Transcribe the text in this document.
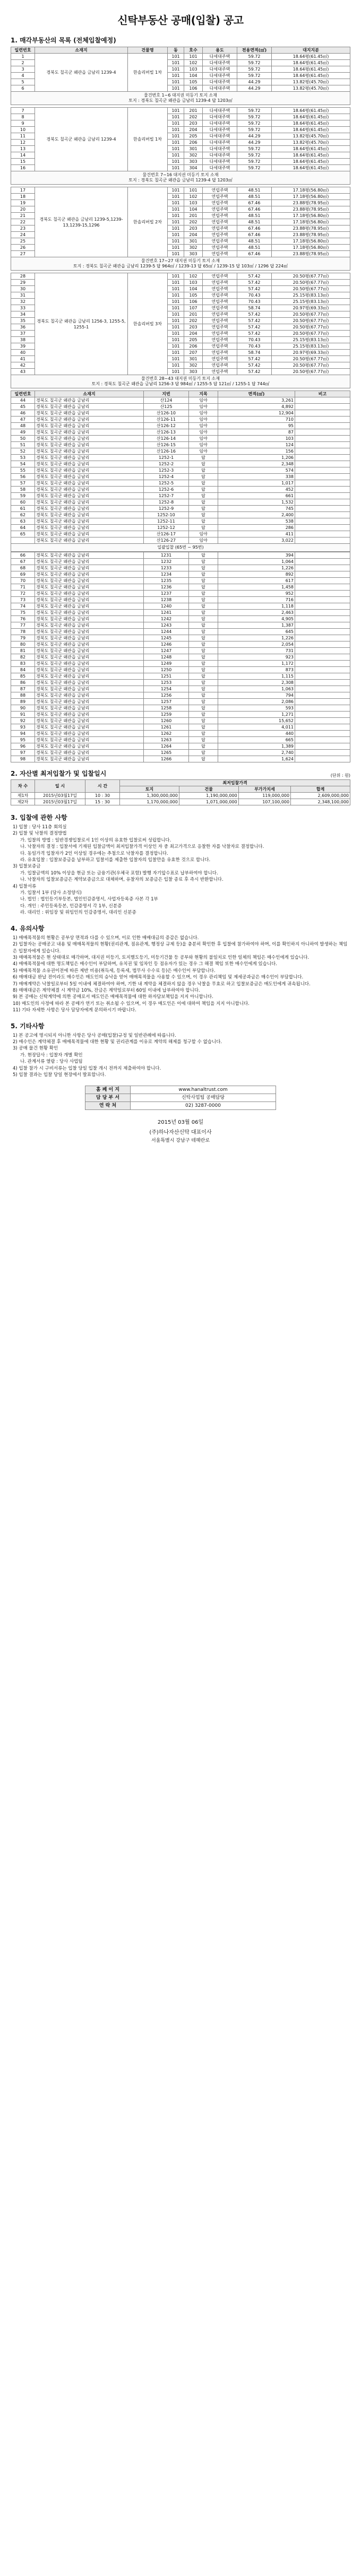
신탁부동산 공매(입찰) 공고
1. 매각부동산의 목록 (전체입찰예정)
일련번호	소재지	건물명	동	호수	용도	전용면적(㎡)	대지지분
1	경북도 칠곡군 왜관읍 금남리 1239-4	한솔리버빌 1차	101	101	다세대주택	59.72	18.64평(61.45㎡)
2			101	102	다세대주택	59.72	18.64평(61.45㎡)
3			101	103	다세대주택	59.72	18.64평(61.45㎡)
4			101	104	다세대주택	59.72	18.64평(61.45㎡)
5			101	105	다세대주택	44.29	13.82평(45.70㎡)
6			101	106	다세대주택	44.29	13.82평(45.70㎡)
물건번호 1~6 대지권 미등기 토지 소재
토지 : 경북도 칠곡군 왜관읍 금남리 1239-4 답 1203㎡
7	경북도 칠곡군 왜관읍 금남리 1239-4	한솔리버빌 1차	101	201	다세대주택	59.72	18.64평(61.45㎡)
8			101	202	다세대주택	59.72	18.64평(61.45㎡)
9			101	203	다세대주택	59.72	18.64평(61.45㎡)
10			101	204	다세대주택	59.72	18.64평(61.45㎡)
11			101	205	다세대주택	44.29	13.82평(45.70㎡)
12			101	206	다세대주택	44.29	13.82평(45.70㎡)
13			101	301	다세대주택	59.72	18.64평(61.45㎡)
14			101	302	다세대주택	59.72	18.64평(61.45㎡)
15			101	303	다세대주택	59.72	18.64평(61.45㎡)
16			101	304	다세대주택	59.72	18.64평(61.45㎡)
물건번호 7~16 대지권 미등기 토지 소재
토지 : 경북도 칠곡군 왜관읍 금남리 1239-4 답 1203㎡
17	경북도 칠곡군 왜관읍 금남리 1239-5,1239-13,1239-15,1296	한솔리버빌 2차	101	101	연립주택	48.51	17.18평(56.80㎡)
18			101	102	연립주택	48.51	17.18평(56.80㎡)
19			101	103	연립주택	67.46	23.88평(78.95㎡)
20			101	104	연립주택	67.46	23.88평(78.95㎡)
21			101	201	연립주택	48.51	17.18평(56.80㎡)
22			101	202	연립주택	48.51	17.18평(56.80㎡)
23			101	203	연립주택	67.46	23.88평(78.95㎡)
24			101	204	연립주택	67.46	23.88평(78.95㎡)
25			101	301	연립주택	48.51	17.18평(56.80㎡)
26			101	302	연립주택	48.51	17.18평(56.80㎡)
27			101	303	연립주택	67.46	23.88평(78.95㎡)
물건번호 17~27 대지권 미등기 토지 소재
토지 : 경북도 칠곡군 왜관읍 금남리 1239-5 답 964㎡ / 1239-13 답 65㎡ / 1239-15 답 103㎡ / 1296 답 224㎡
28	경북도 칠곡군 왜관읍 금남리 1256-3, 1255-5, 1255-1	한솔리버빌 3차	101	102	연립주택	57.42	20.50평(67.77㎡)
29			101	103	연립주택	57.42	20.50평(67.77㎡)
30			101	104	연립주택	57.42	20.50평(67.77㎡)
31			101	105	연립주택	70.43	25.15평(83.13㎡)
32			101	106	연립주택	70.43	25.15평(83.13㎡)
33			101	107	연립주택	58.74	20.97평(69.33㎡)
34			101	201	연립주택	57.42	20.50평(67.77㎡)
35			101	202	연립주택	57.42	20.50평(67.77㎡)
36			101	203	연립주택	57.42	20.50평(67.77㎡)
37			101	204	연립주택	57.42	20.50평(67.77㎡)
38			101	205	연립주택	70.43	25.15평(83.13㎡)
39			101	206	연립주택	70.43	25.15평(83.13㎡)
40			101	207	연립주택	58.74	20.97평(69.33㎡)
41			101	301	연립주택	57.42	20.50평(67.77㎡)
42			101	302	연립주택	57.42	20.50평(67.77㎡)
43			101	303	연립주택	57.42	20.50평(67.77㎡)
물건번호 28~43 대지권 미등기 토지 소재
토지 : 경북도 칠곡군 왜관읍 금남리 1256-3 답 984㎡ / 1255-5 답 121㎡ / 1255-1 답 744㎡
일련번호	소재지	지번	지목	면적(㎡)	비고
44	경북도 칠곡군 왜관읍 금남리	산124	임야	3,261	
45	경북도 칠곡군 왜관읍 금남리	산125	임야	4,892	
46	경북도 칠곡군 왜관읍 금남리	산126-10	임야	12,904	
47	경북도 칠곡군 왜관읍 금남리	산126-11	임야	710	
48	경북도 칠곡군 왜관읍 금남리	산126-12	임야	95	
49	경북도 칠곡군 왜관읍 금남리	산126-13	임야	87	
50	경북도 칠곡군 왜관읍 금남리	산126-14	임야	103	
51	경북도 칠곡군 왜관읍 금남리	산126-15	임야	124	
52	경북도 칠곡군 왜관읍 금남리	산126-16	임야	156	
53	경북도 칠곡군 왜관읍 금남리	1252-1	답	1,206	
54	경북도 칠곡군 왜관읍 금남리	1252-2	답	2,348	
55	경북도 칠곡군 왜관읍 금남리	1252-3	답	574	
56	경북도 칠곡군 왜관읍 금남리	1252-4	답	338	
57	경북도 칠곡군 왜관읍 금남리	1252-5	답	1,017	
58	경북도 칠곡군 왜관읍 금남리	1252-6	답	452	
59	경북도 칠곡군 왜관읍 금남리	1252-7	답	661	
60	경북도 칠곡군 왜관읍 금남리	1252-8	답	1,532	
61	경북도 칠곡군 왜관읍 금남리	1252-9	답	745	
62	경북도 칠곡군 왜관읍 금남리	1252-10	답	2,400	
63	경북도 칠곡군 왜관읍 금남리	1252-11	답	538	
64	경북도 칠곡군 왜관읍 금남리	1252-12	답	286	
65	경북도 칠곡군 왜관읍 금남리	산126-17	임야	411	
	경북도 칠곡군 왜관읍 금남리	산126-27	임야	3,022	
일괄입찰 (65번 ~ 95번)
66	경북도 칠곡군 왜관읍 금남리	1231	답	394	
67	경북도 칠곡군 왜관읍 금남리	1232	답	1,064	
68	경북도 칠곡군 왜관읍 금남리	1233	답	1,226	
69	경북도 칠곡군 왜관읍 금남리	1234	답	892	
70	경북도 칠곡군 왜관읍 금남리	1235	답	617	
71	경북도 칠곡군 왜관읍 금남리	1236	답	1,458	
72	경북도 칠곡군 왜관읍 금남리	1237	답	952	
73	경북도 칠곡군 왜관읍 금남리	1238	답	716	
74	경북도 칠곡군 왜관읍 금남리	1240	답	1,118	
75	경북도 칠곡군 왜관읍 금남리	1241	답	2,463	
76	경북도 칠곡군 왜관읍 금남리	1242	답	4,905	
77	경북도 칠곡군 왜관읍 금남리	1243	답	1,387	
78	경북도 칠곡군 왜관읍 금남리	1244	답	645	
79	경북도 칠곡군 왜관읍 금남리	1245	답	1,226	
80	경북도 칠곡군 왜관읍 금남리	1246	답	2,054	
81	경북도 칠곡군 왜관읍 금남리	1247	답	731	
82	경북도 칠곡군 왜관읍 금남리	1248	답	923	
83	경북도 칠곡군 왜관읍 금남리	1249	답	1,172	
84	경북도 칠곡군 왜관읍 금남리	1250	답	873	
85	경북도 칠곡군 왜관읍 금남리	1251	답	1,115	
86	경북도 칠곡군 왜관읍 금남리	1253	답	2,308	
87	경북도 칠곡군 왜관읍 금남리	1254	답	1,063	
88	경북도 칠곡군 왜관읍 금남리	1256	답	794	
89	경북도 칠곡군 왜관읍 금남리	1257	답	2,086	
90	경북도 칠곡군 왜관읍 금남리	1258	답	593	
91	경북도 칠곡군 왜관읍 금남리	1259	답	1,271	
92	경북도 칠곡군 왜관읍 금남리	1260	답	15,652	
93	경북도 칠곡군 왜관읍 금남리	1261	답	4,011	
94	경북도 칠곡군 왜관읍 금남리	1262	답	440	
95	경북도 칠곡군 왜관읍 금남리	1263	답	665	
96	경북도 칠곡군 왜관읍 금남리	1264	답	1,389	
97	경북도 칠곡군 왜관읍 금남리	1265	답	2,740	
98	경북도 칠곡군 왜관읍 금남리	1266	답	1,624	
2. 자산별 최저입찰가 및 입찰일시	(단위 : 원)
차 수	일 시	시 간	최저입찰가격			
			토지	건물	부가가치세	합계
제1차	2015년03월17일	10 : 30	1,300,000,000	1,190,000,000	119,000,000	2,609,000,000
제2차	2015년03월17일	15 : 30	1,170,000,000	1,071,000,000	107,100,000	2,348,100,000
3. 입찰에 관한 사항

1) 입찰 : 당사 11층 회의실

2) 입찰 및 낙찰의 결정방법

가. 입찰의 방법 : 일반경쟁입찰로서 1인 이상의 유효한 입찰로써 성립합니다.

나. 낙찰자의 결정 : 입찰서에 기재된 입찰금액이 최저입찰가격 이상인 자 중 최고가격으로 응찰한 자를 낙찰자로 결정합니다.

다. 동일가격 입찰자가 2인 이상일 경우에는 추첨으로 낙찰자를 결정합니다.

라. 유효입찰 : 입찰보증금을 납부하고 입찰서를 제출한 입찰자의 입찰만을 유효한 것으로 합니다.

3) 입찰보증금

가. 입찰금액의 10% 이상을 현금 또는 금융기관(우체국 포함) 발행 자기앞수표로 납부하여야 합니다.

나. 낙찰자의 입찰보증금은 계약보증금으로 대체하며, 유찰자의 보증금은 입찰 종료 후 즉시 반환합니다.

4) 입찰서류

가. 입찰서 1부 (당사 소정양식)

나. 법인 : 법인등기부등본, 법인인감증명서, 사업자등록증 사본 각 1부

다. 개인 : 주민등록등본, 인감증명서 각 1부, 신분증

라. 대리인 : 위임장 및 위임인의 인감증명서, 대리인 신분증

4. 유의사항

1) 매매목적물의 현황은 공부상 면적과 다를 수 있으며, 이로 인한 매매대금의 증감은 없습니다.

2) 입찰자는 공매공고 내용 및 매매목적물의 현황(권리관계, 점유관계, 행정상 규제 등)을 충분히 확인한 후 입찰에 참가하여야 하며, 이를 확인하지 아니하여 발생하는 책임은 입찰자에게 있습니다.

3) 매매목적물은 현 상태대로 매각하며, 대지권 미등기, 토지별도등기, 미등기건물 등 공부와 현황의 불일치로 인한 일체의 책임은 매수인에게 있습니다.

4) 매매목적물에 대한 명도책임은 매수인이 부담하며, 유치권 및 임차인 등 점유자가 있는 경우 그 해결 책임 또한 매수인에게 있습니다.

5) 매매목적물 소유권이전에 따른 제반 비용(취득세, 등록세, 법무사 수수료 등)은 매수인이 부담합니다.

6) 매매대금 완납 전이라도 매수인은 매도인의 승낙을 얻어 매매목적물을 사용할 수 있으며, 이 경우 관리책임 및 제세공과금은 매수인이 부담합니다.

7) 매매계약은 낙찰일로부터 5일 이내에 체결하여야 하며, 기한 내 계약을 체결하지 않을 경우 낙찰을 무효로 하고 입찰보증금은 매도인에게 귀속됩니다.

8) 매매대금은 계약체결 시 계약금 10%, 잔금은 계약일로부터 60일 이내에 납부하여야 합니다.

9) 본 공매는 신탁계약에 의한 공매로서 매도인은 매매목적물에 대한 하자담보책임을 지지 아니합니다.

10) 매도인의 사정에 따라 본 공매가 연기 또는 취소될 수 있으며, 이 경우 매도인은 이에 대하여 책임을 지지 아니합니다.

11) 기타 자세한 사항은 당사 담당자에게 문의하시기 바랍니다.

5. 기타사항

1) 본 공고에 명시되지 아니한 사항은 당사 공매(입찰)규정 및 일반관례에 따릅니다.

2) 매수인은 계약체결 후 매매목적물에 대한 현황 및 권리관계를 이유로 계약의 해제를 청구할 수 없습니다.

3) 공매 물건 현황 확인

가. 현장답사 : 입찰자 개별 확인

나. 관계서류 열람 : 당사 사업팀

4) 입찰 참가 시 구비서류는 입찰 당일 입찰 개시 전까지 제출하여야 합니다.

5) 입찰 결과는 입찰 당일 현장에서 발표합니다.

홈 페 이 지	www.hanaltrust.com
담 당 부 서	신탁사업팀 공매담당
연 락 처	02) 3287-0000
2015년 03월 06일
(주)하나자산신탁 대표이사
서울특별시 강남구 테헤란로
